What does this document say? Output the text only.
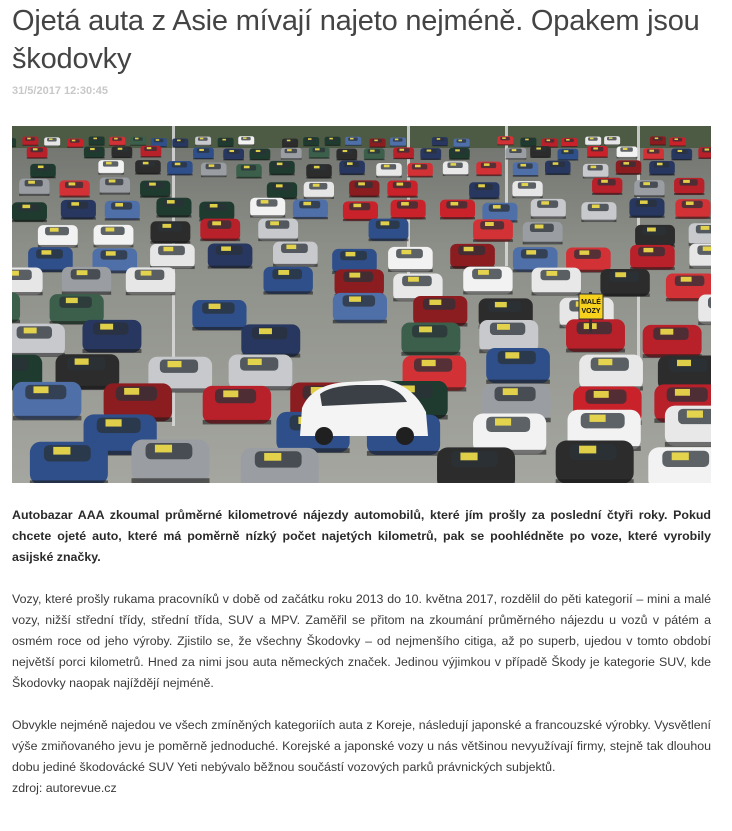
Ojetá auta z Asie mívají najeto nejméně. Opakem jsou škodovky
31/5/2017 12:30:45
MALÉ
VOZY

Autobazar AAA zkoumal průměrné kilometrové nájezdy automobilů, které jím prošly za poslední čtyři roky. Pokud chcete ojeté auto, které má poměrně nízký počet najetých kilometrů, pak se poohlédněte po voze, které vyrobily asijské značky.

Vozy, které prošly rukama pracovníků v době od začátku roku 2013 do 10. května 2017, rozdělil do pěti kategorií – mini a malé vozy, nižší střední třídy, střední třída, SUV a MPV. Zaměřil se přitom na zkoumání průměrného nájezdu u vozů v pátém a osmém roce od jeho výroby. Zjistilo se, že všechny Škodovky – od nejmenšího citiga, až po superb, ujedou v tomto období největší porci kilometrů. Hned za nimi jsou auta německých značek. Jedinou výjimkou v případě Škody je kategorie SUV, kde Škodovky naopak najíždějí nejméně.

Obvykle nejméně najedou ve všech zmíněných kategoriích auta z Koreje, následují japonské a francouzské výrobky. Vysvětlení výše zmiňovaného jevu je poměrně jednoduché. Korejské a japonské vozy u nás většinou nevyužívají firmy, stejně tak dlouhou dobu jediné škodovácké SUV Yeti nebývalo běžnou součástí vozových parků právnických subjektů.

zdroj: autorevue.cz
